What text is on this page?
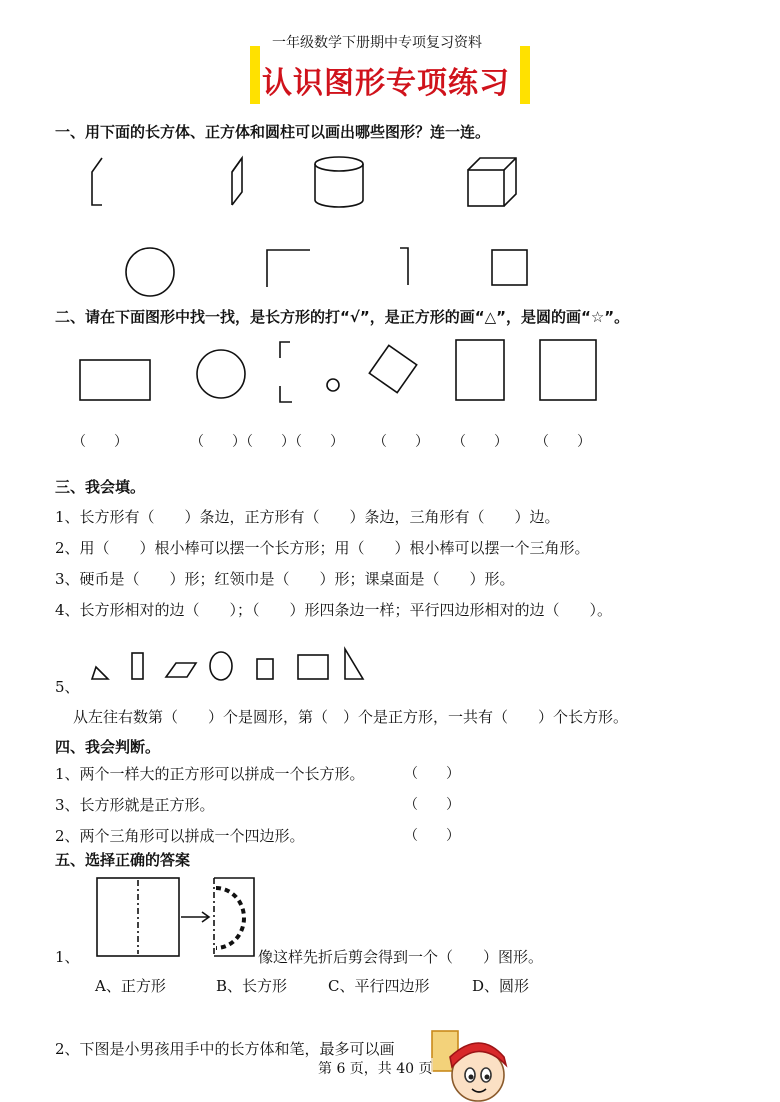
一年级数学下册期中专项复习资料
认识图形专项练习
一、用下面的长方体、正方体和圆柱可以画出哪些图形？连一连。
二、请在下面图形中找一找，是长方形的打“√”，是正方形的画“△”，是圆的画“☆”。
（　　）	（　　）（　　）（　　） （　　） （　　） （　　）
三、我会填。
1、长方形有（　　）条边，正方形有（　　）条边，三角形有（　　）边。
2、用（　　）根小棒可以摆一个长方形；用（　　）根小棒可以摆一个三角形。
3、硬币是（　　）形；红领巾是（　　）形；课桌面是（　　）形。
4、长方形相对的边（　　）；（　　）形四条边一样；平行四边形相对的边（　　）。
5、
从左往右数第（　　）个是圆形，第（　）个是正方形，一共有（　　）个长方形。
四、我会判断。
1、两个一样大的正方形可以拼成一个长方形。	（　　）
3、长方形就是正方形。	（　　）
2、两个三角形可以拼成一个四边形。	（　　）
五、选择正确的答案
1、	像这样先折后剪会得到一个（　　）图形。
A、正方形	B、长方形	C、平行四边形	D、圆形
2、下图是小男孩用手中的长方体和笔，最多可以画
第 6 页，共 40 页
